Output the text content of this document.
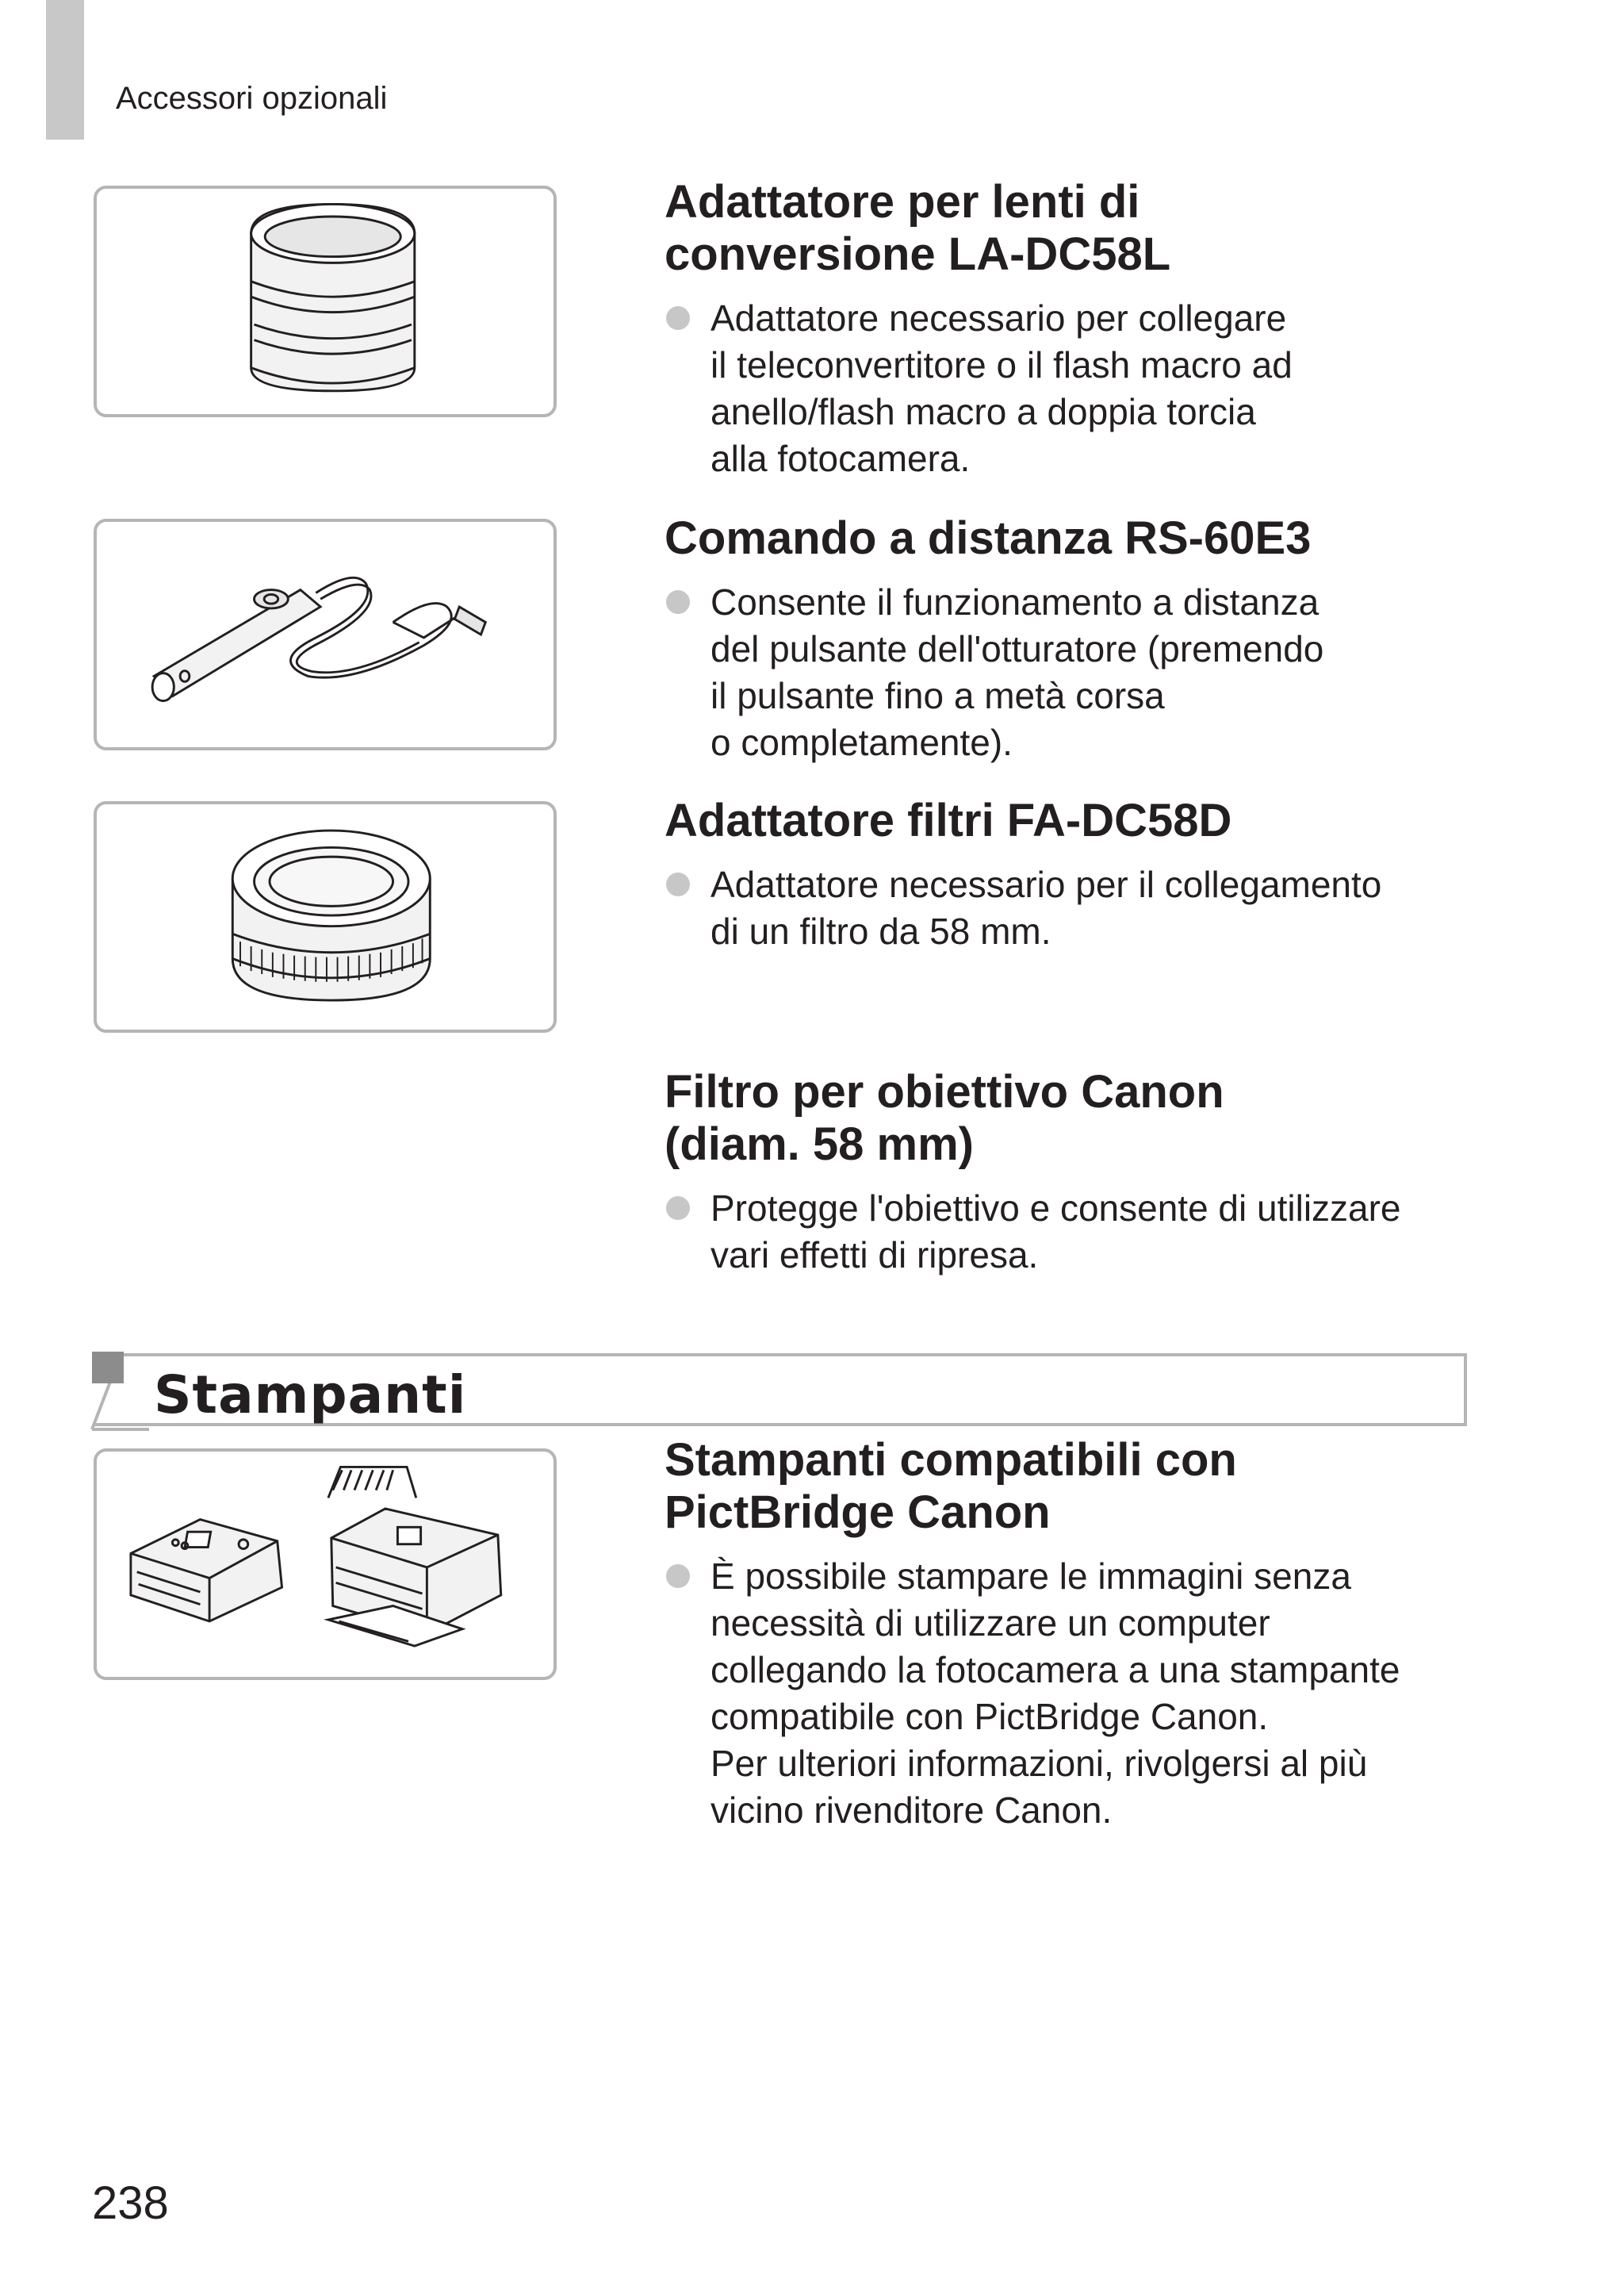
Accessori opzionali

Adattatore per lenti di
conversione LA-DC58L

Adattatore necessario per collegare
il teleconvertitore o il flash macro ad
anello/flash macro a doppia torcia
alla fotocamera.

Comando a distanza RS-60E3

Consente il funzionamento a distanza
del pulsante dell'otturatore (premendo
il pulsante fino a metà corsa
o completamente).

Adattatore filtri FA-DC58D

Adattatore necessario per il collegamento
di un filtro da 58 mm.

Filtro per obiettivo Canon
(diam. 58 mm)

Protegge l'obiettivo e consente di utilizzare
vari effetti di ripresa.
Stampanti

Stampanti compatibili con
PictBridge Canon

È possibile stampare le immagini senza
necessità di utilizzare un computer
collegando la fotocamera a una stampante
compatibile con PictBridge Canon.
Per ulteriori informazioni, rivolgersi al più
vicino rivenditore Canon.
238
